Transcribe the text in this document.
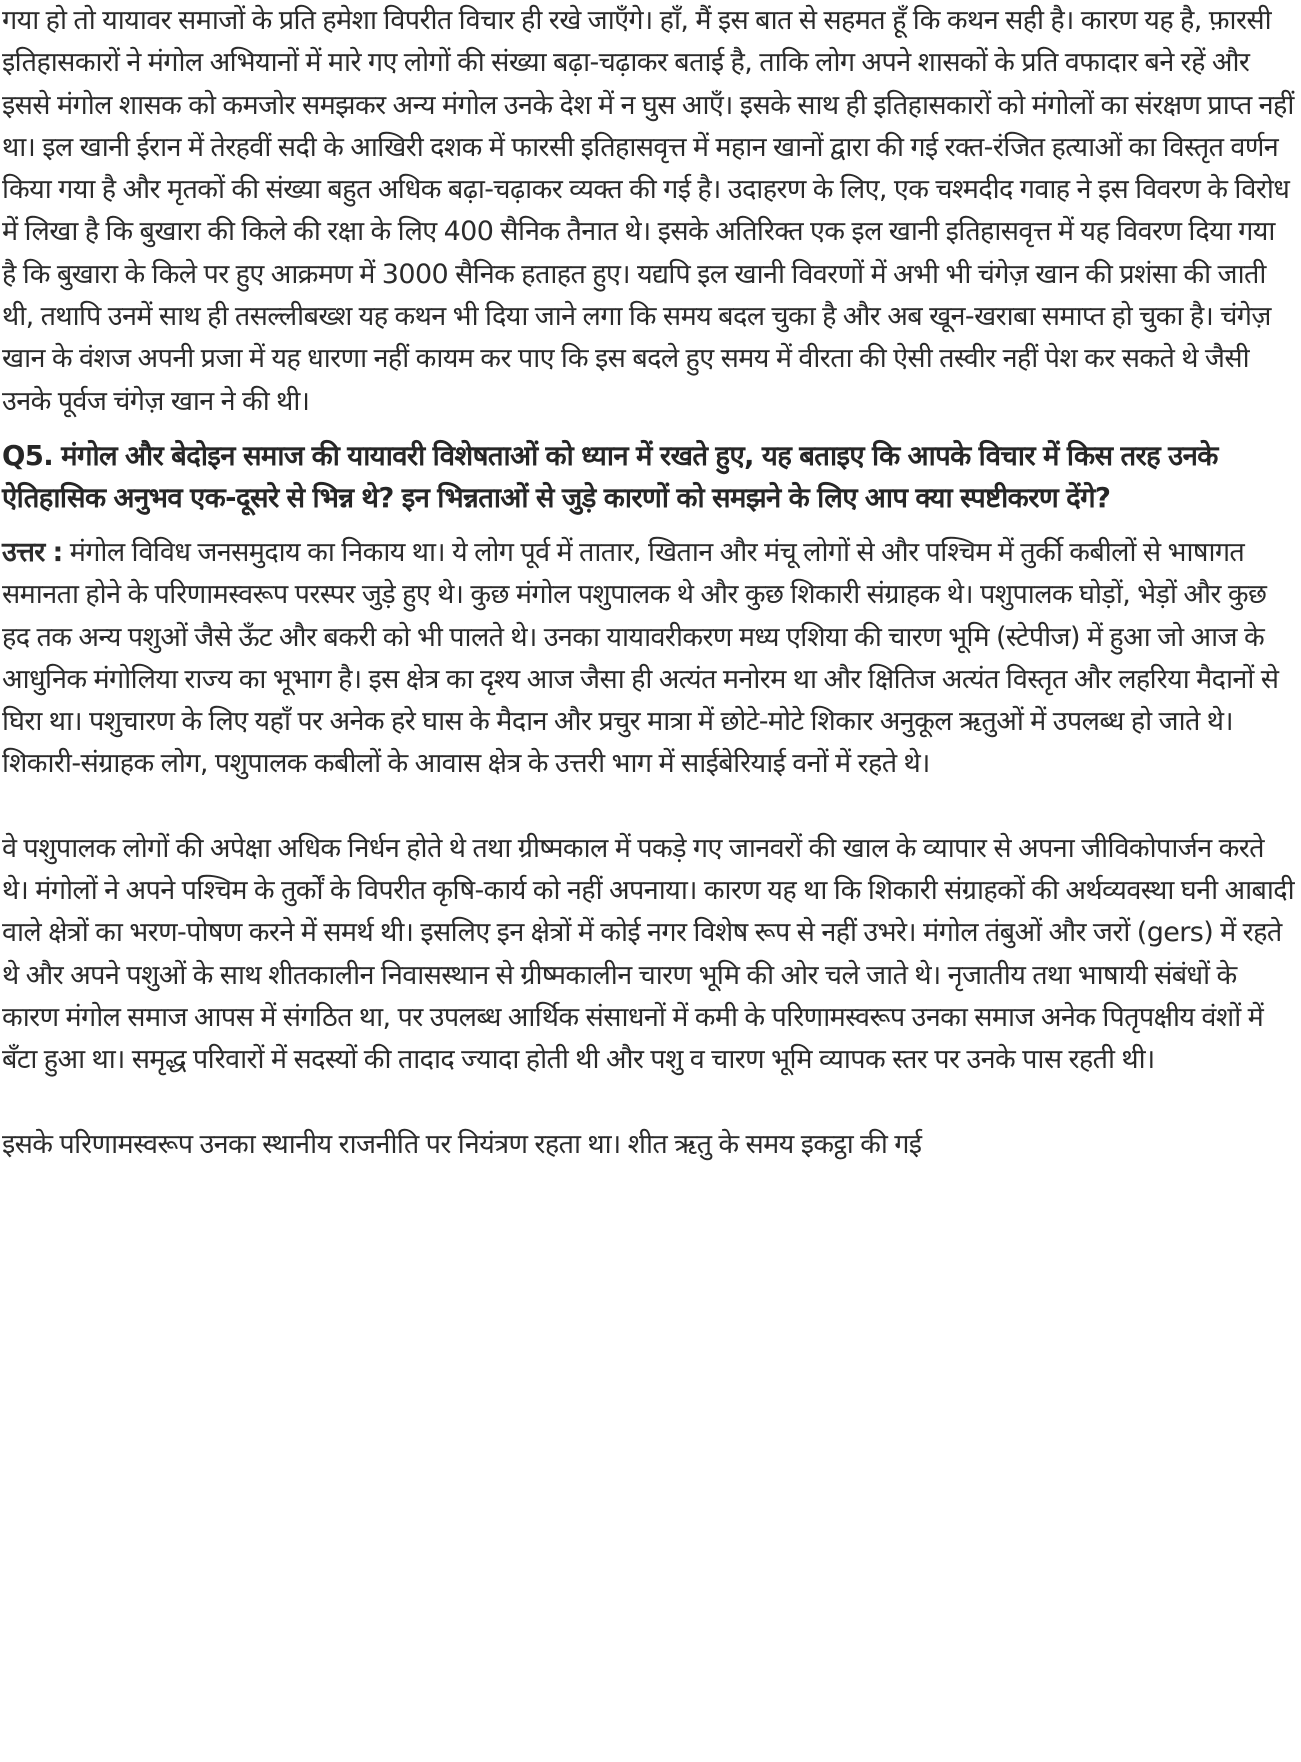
गया हो तो यायावर समाजों के प्रति हमेशा विपरीत विचार ही रखे जाएँगे। हाँ, मैं इस बात से सहमत हूँ कि कथन सही है। कारण यह है, फ़ारसी इतिहासकारों ने मंगोल अभियानों में मारे गए लोगों की संख्या बढ़ा-चढ़ाकर बताई है, ताकि लोग अपने शासकों के प्रति वफादार बने रहें और इससे मंगोल शासक को कमजोर समझकर अन्य मंगोल उनके देश में न घुस आएँ। इसके साथ ही इतिहासकारों को मंगोलों का संरक्षण प्राप्त नहीं था। इल खानी ईरान में तेरहवीं सदी के आखिरी दशक में फारसी इतिहासवृत्त में महान खानों द्वारा की गई रक्त-रंजित हत्याओं का विस्तृत वर्णन किया गया है और मृतकों की संख्या बहुत अधिक बढ़ा-चढ़ाकर व्यक्त की गई है। उदाहरण के लिए, एक चश्मदीद गवाह ने इस विवरण के विरोध में लिखा है कि बुखारा की किले की रक्षा के लिए 400 सैनिक तैनात थे। इसके अतिरिक्त एक इल खानी इतिहासवृत्त में यह विवरण दिया गया है कि बुखारा के किले पर हुए आक्रमण में 3000 सैनिक हताहत हुए। यद्यपि इल खानी विवरणों में अभी भी चंगेज़ खान की प्रशंसा की जाती थी, तथापि उनमें साथ ही तसल्लीबख्श यह कथन भी दिया जाने लगा कि समय बदल चुका है और अब खून-खराबा समाप्त हो चुका है। चंगेज़ खान के वंशज अपनी प्रजा में यह धारणा नहीं कायम कर पाए कि इस बदले हुए समय में वीरता की ऐसी तस्वीर नहीं पेश कर सकते थे जैसी उनके पूर्वज चंगेज़ खान ने की थी।

Q5. मंगोल और बेदोइन समाज की यायावरी विशेषताओं को ध्यान में रखते हुए, यह बताइए कि आपके विचार में किस तरह उनके ऐतिहासिक अनुभव एक-दूसरे से भिन्न थे? इन भिन्नताओं से जुड़े कारणों को समझने के लिए आप क्या स्पष्टीकरण देंगे?

उत्तर : मंगोल विविध जनसमुदाय का निकाय था। ये लोग पूर्व में तातार, खितान और मंचू लोगों से और पश्चिम में तुर्की कबीलों से भाषागत समानता होने के परिणामस्वरूप परस्पर जुड़े हुए थे। कुछ मंगोल पशुपालक थे और कुछ शिकारी संग्राहक थे। पशुपालक घोड़ों, भेड़ों और कुछ हद तक अन्य पशुओं जैसे ऊँट और बकरी को भी पालते थे। उनका यायावरीकरण मध्य एशिया की चारण भूमि (स्टेपीज) में हुआ जो आज के आधुनिक मंगोलिया राज्य का भूभाग है। इस क्षेत्र का दृश्य आज जैसा ही अत्यंत मनोरम था और क्षितिज अत्यंत विस्तृत और लहरिया मैदानों से घिरा था। पशुचारण के लिए यहाँ पर अनेक हरे घास के मैदान और प्रचुर मात्रा में छोटे-मोटे शिकार अनुकूल ऋतुओं में उपलब्ध हो जाते थे। शिकारी-संग्राहक लोग, पशुपालक कबीलों के आवास क्षेत्र के उत्तरी भाग में साईबेरियाई वनों में रहते थे।

वे पशुपालक लोगों की अपेक्षा अधिक निर्धन होते थे तथा ग्रीष्मकाल में पकड़े गए जानवरों की खाल के व्यापार से अपना जीविकोपार्जन करते थे। मंगोलों ने अपने पश्चिम के तुर्कों के विपरीत कृषि-कार्य को नहीं अपनाया। कारण यह था कि शिकारी संग्राहकों की अर्थव्यवस्था घनी आबादी वाले क्षेत्रों का भरण-पोषण करने में समर्थ थी। इसलिए इन क्षेत्रों में कोई नगर विशेष रूप से नहीं उभरे। मंगोल तंबुओं और जरों (gers) में रहते थे और अपने पशुओं के साथ शीतकालीन निवासस्थान से ग्रीष्मकालीन चारण भूमि की ओर चले जाते थे। नृजातीय तथा भाषायी संबंधों के कारण मंगोल समाज आपस में संगठित था, पर उपलब्ध आर्थिक संसाधनों में कमी के परिणामस्वरूप उनका समाज अनेक पितृपक्षीय वंशों में बँटा हुआ था। समृद्ध परिवारों में सदस्यों की तादाद ज्यादा होती थी और पशु व चारण भूमि व्यापक स्तर पर उनके पास रहती थी।

इसके परिणामस्वरूप उनका स्थानीय राजनीति पर नियंत्रण रहता था। शीत ऋतु के समय इकट्ठा की गई
